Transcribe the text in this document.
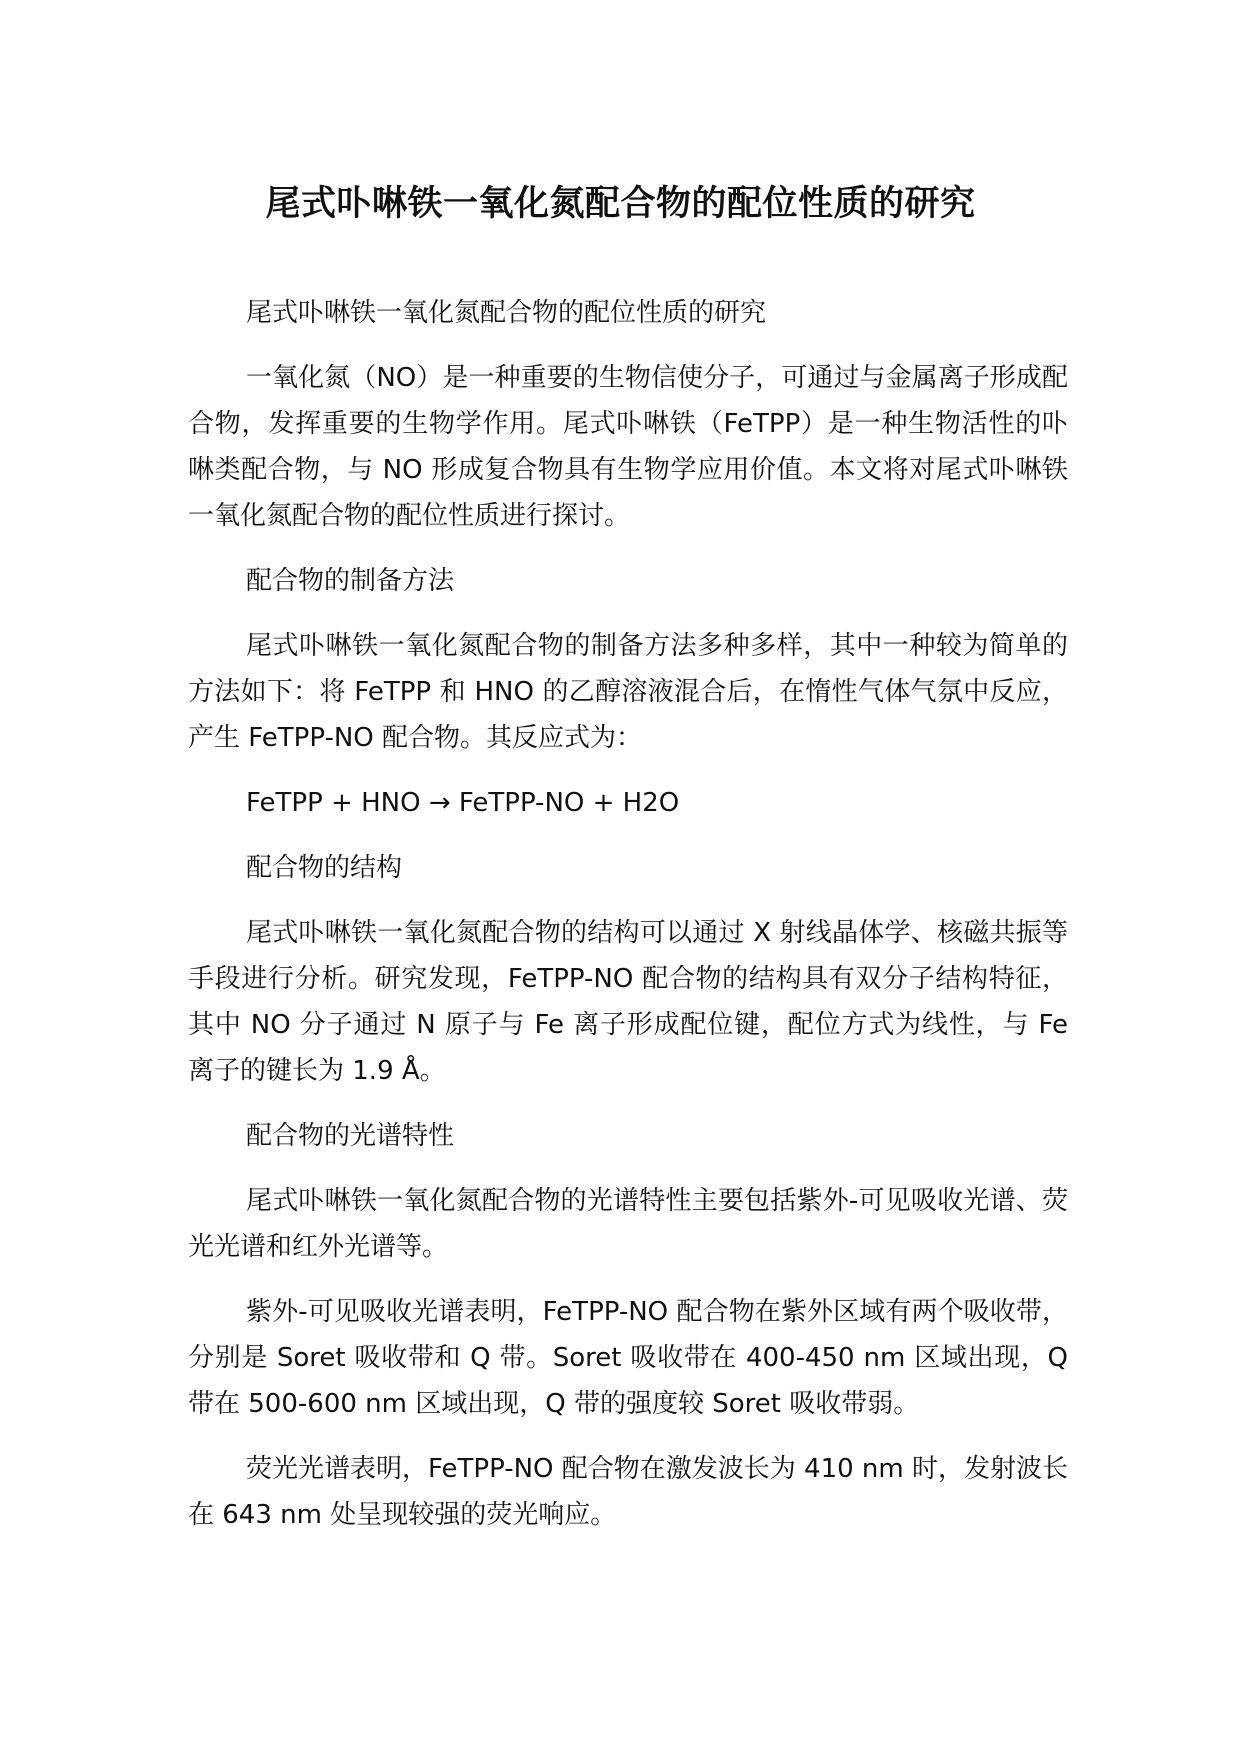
尾式卟啉铁一氧化氮配合物的配位性质的研究

尾式卟啉铁一氧化氮配合物的配位性质的研究

一氧化氮（NO）是一种重要的生物信使分子，可通过与金属离子形成配合物，发挥重要的生物学作用。尾式卟啉铁（FeTPP）是一种生物活性的卟啉类配合物，与 NO 形成复合物具有生物学应用价值。本文将对尾式卟啉铁一氧化氮配合物的配位性质进行探讨。

配合物的制备方法

尾式卟啉铁一氧化氮配合物的制备方法多种多样，其中一种较为简单的方法如下：将 FeTPP 和 HNO 的乙醇溶液混合后，在惰性气体气氛中反应，产生 FeTPP-NO 配合物。其反应式为：

FeTPP + HNO → FeTPP-NO + H2O

配合物的结构

尾式卟啉铁一氧化氮配合物的结构可以通过 X 射线晶体学、核磁共振等手段进行分析。研究发现，FeTPP-NO 配合物的结构具有双分子结构特征，其中 NO 分子通过 N 原子与 Fe 离子形成配位键，配位方式为线性，与 Fe 离子的键长为 1.9 Å。

配合物的光谱特性

尾式卟啉铁一氧化氮配合物的光谱特性主要包括紫外-可见吸收光谱、荧光光谱和红外光谱等。

紫外-可见吸收光谱表明，FeTPP-NO 配合物在紫外区域有两个吸收带，分别是 Soret 吸收带和 Q 带。Soret 吸收带在 400-450 nm 区域出现，Q 带在 500-600 nm 区域出现，Q 带的强度较 Soret 吸收带弱。

荧光光谱表明，FeTPP-NO 配合物在激发波长为 410 nm 时，发射波长在 643 nm 处呈现较强的荧光响应。
